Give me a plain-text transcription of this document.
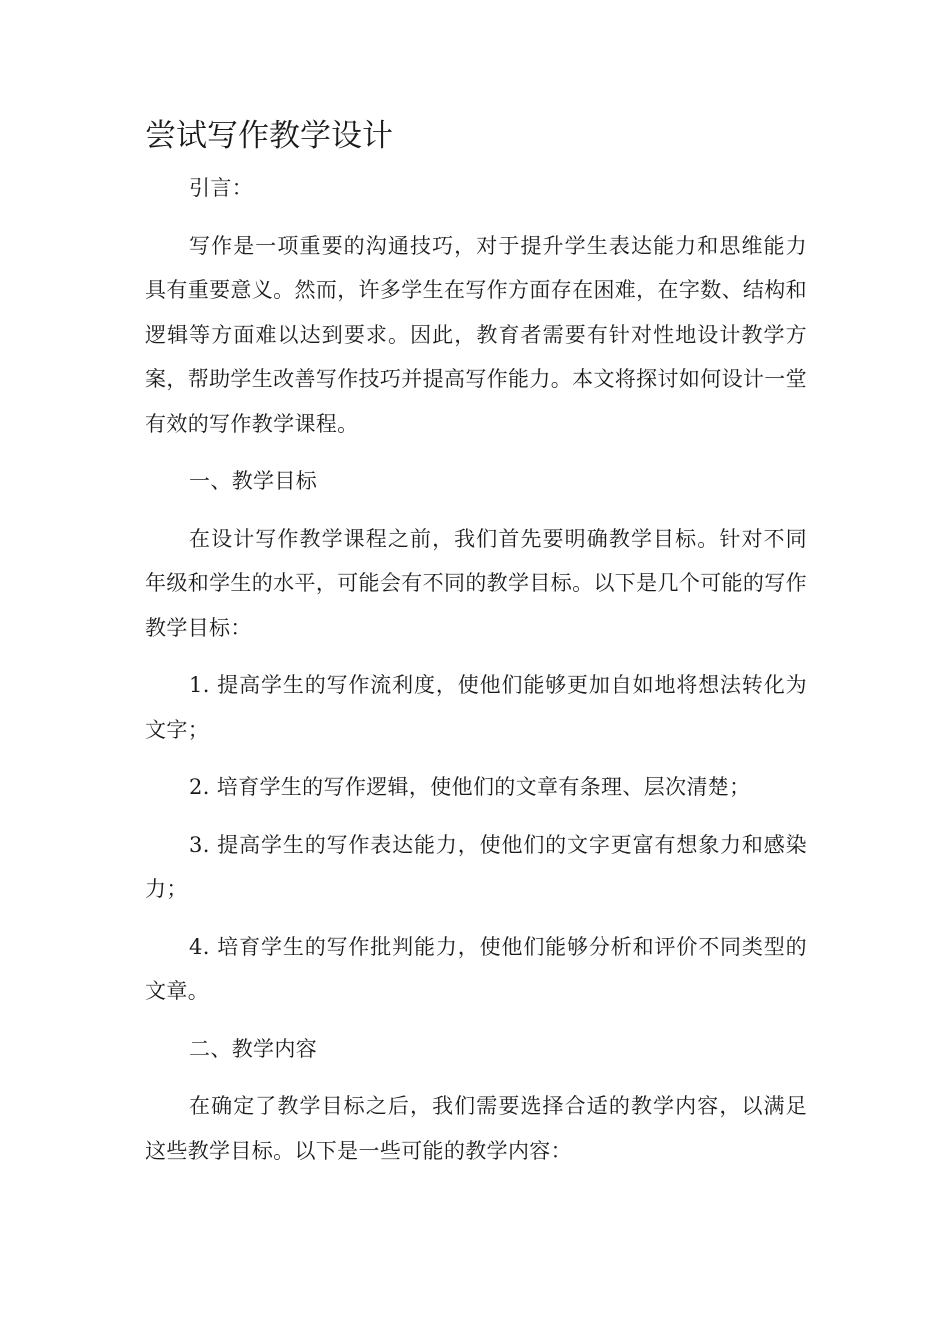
尝试写作教学设计

引言：

写作是一项重要的沟通技巧，对于提升学生表达能力和思维能力具有重要意义。然而，许多学生在写作方面存在困难，在字数、结构和逻辑等方面难以达到要求。因此，教育者需要有针对性地设计教学方案，帮助学生改善写作技巧并提高写作能力。本文将探讨如何设计一堂有效的写作教学课程。

一、教学目标

在设计写作教学课程之前，我们首先要明确教学目标。针对不同年级和学生的水平，可能会有不同的教学目标。以下是几个可能的写作教学目标：

1. 提高学生的写作流利度，使他们能够更加自如地将想法转化为文字；

2. 培育学生的写作逻辑，使他们的文章有条理、层次清楚；

3. 提高学生的写作表达能力，使他们的文字更富有想象力和感染力；

4. 培育学生的写作批判能力，使他们能够分析和评价不同类型的文章。

二、教学内容

在确定了教学目标之后，我们需要选择合适的教学内容，以满足这些教学目标。以下是一些可能的教学内容：
